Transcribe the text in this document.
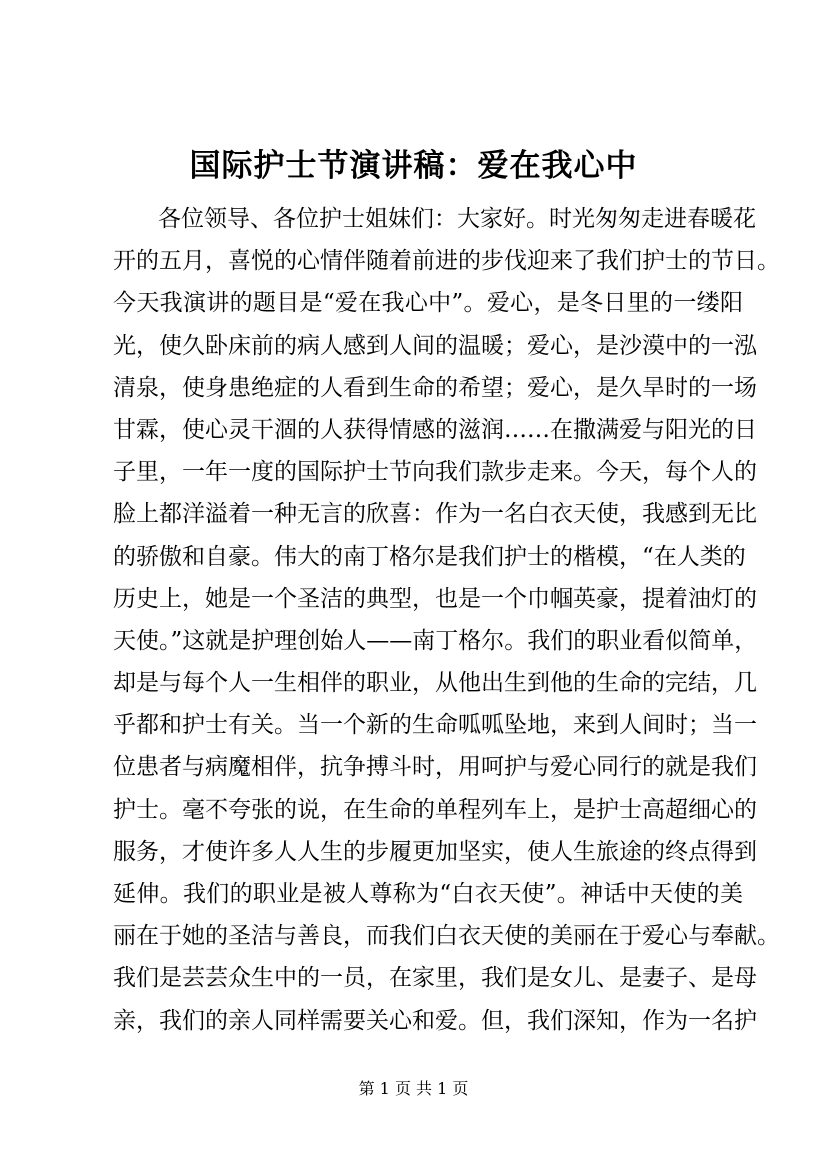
国际护士节演讲稿：爱在我心中
各位领导、各位护士姐妹们：大家好。时光匆匆走进春暖花
开的五月，喜悦的心情伴随着前进的步伐迎来了我们护士的节日。
今天我演讲的题目是“爱在我心中”。爱心，是冬日里的一缕阳
光，使久卧床前的病人感到人间的温暖；爱心，是沙漠中的一泓
清泉，使身患绝症的人看到生命的希望；爱心，是久旱时的一场
甘霖，使心灵干涸的人获得情感的滋润……在撒满爱与阳光的日
子里，一年一度的国际护士节向我们款步走来。今天，每个人的
脸上都洋溢着一种无言的欣喜：作为一名白衣天使，我感到无比
的骄傲和自豪。伟大的南丁格尔是我们护士的楷模，“在人类的
历史上，她是一个圣洁的典型，也是一个巾帼英豪，提着油灯的
天使。”这就是护理创始人——南丁格尔。我们的职业看似简单，
却是与每个人一生相伴的职业，从他出生到他的生命的完结，几
乎都和护士有关。当一个新的生命呱呱坠地，来到人间时；当一
位患者与病魔相伴，抗争搏斗时，用呵护与爱心同行的就是我们
护士。毫不夸张的说，在生命的单程列车上，是护士高超细心的
服务，才使许多人人生的步履更加坚实，使人生旅途的终点得到
延伸。我们的职业是被人尊称为“白衣天使”。神话中天使的美
丽在于她的圣洁与善良，而我们白衣天使的美丽在于爱心与奉献。
我们是芸芸众生中的一员，在家里，我们是女儿、是妻子、是母
亲，我们的亲人同样需要关心和爱。但，我们深知，作为一名护
第 1 页 共 1 页
